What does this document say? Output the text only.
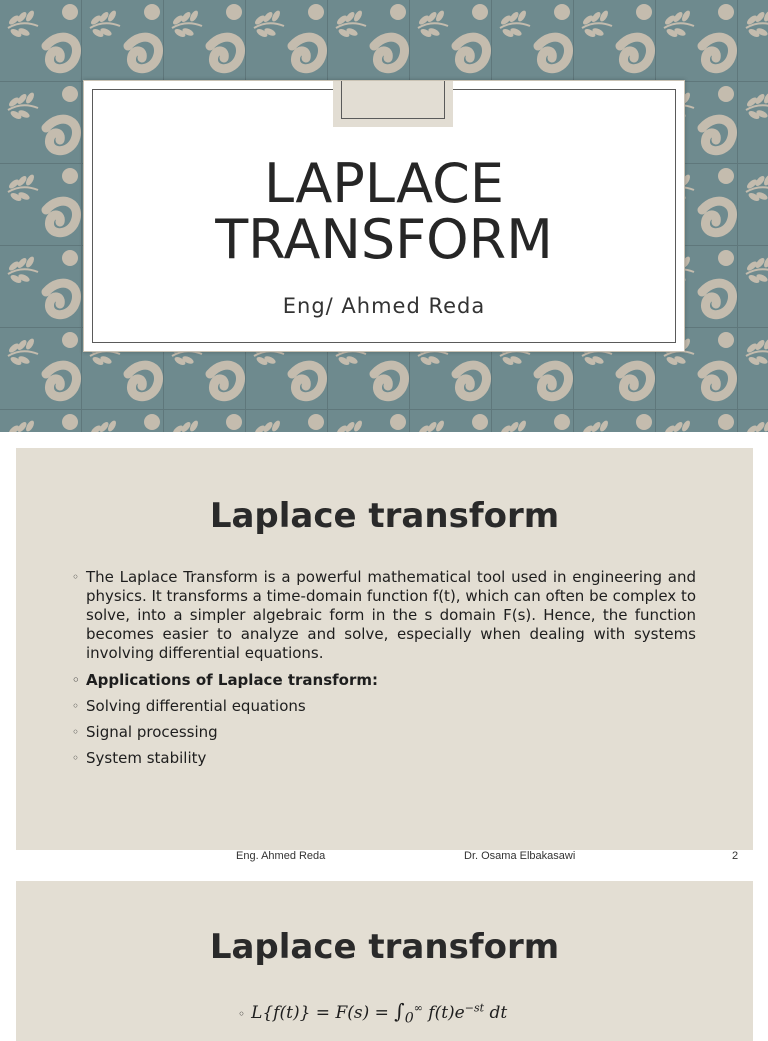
LAPLACE
TRANSFORM
Eng/ Ahmed Reda
Laplace transform
◦ The Laplace Transform is a powerful mathematical tool used in engineering and physics. It transforms a time-domain function f(t), which can often be complex to solve, into a simpler algebraic form in the s domain F(s). Hence, the function becomes easier to analyze and solve, especially when dealing with systems involving differential equations.
◦ Applications of Laplace transform:
◦ Solving differential equations
◦ Signal processing
◦ System stability
Eng. Ahmed Reda	Dr. Osama Elbakasawi	2
Laplace transform
◦ $L\{f(t)\} = F(s) = \int_0^\infty$ $f(t)e^{-st}$ dt
